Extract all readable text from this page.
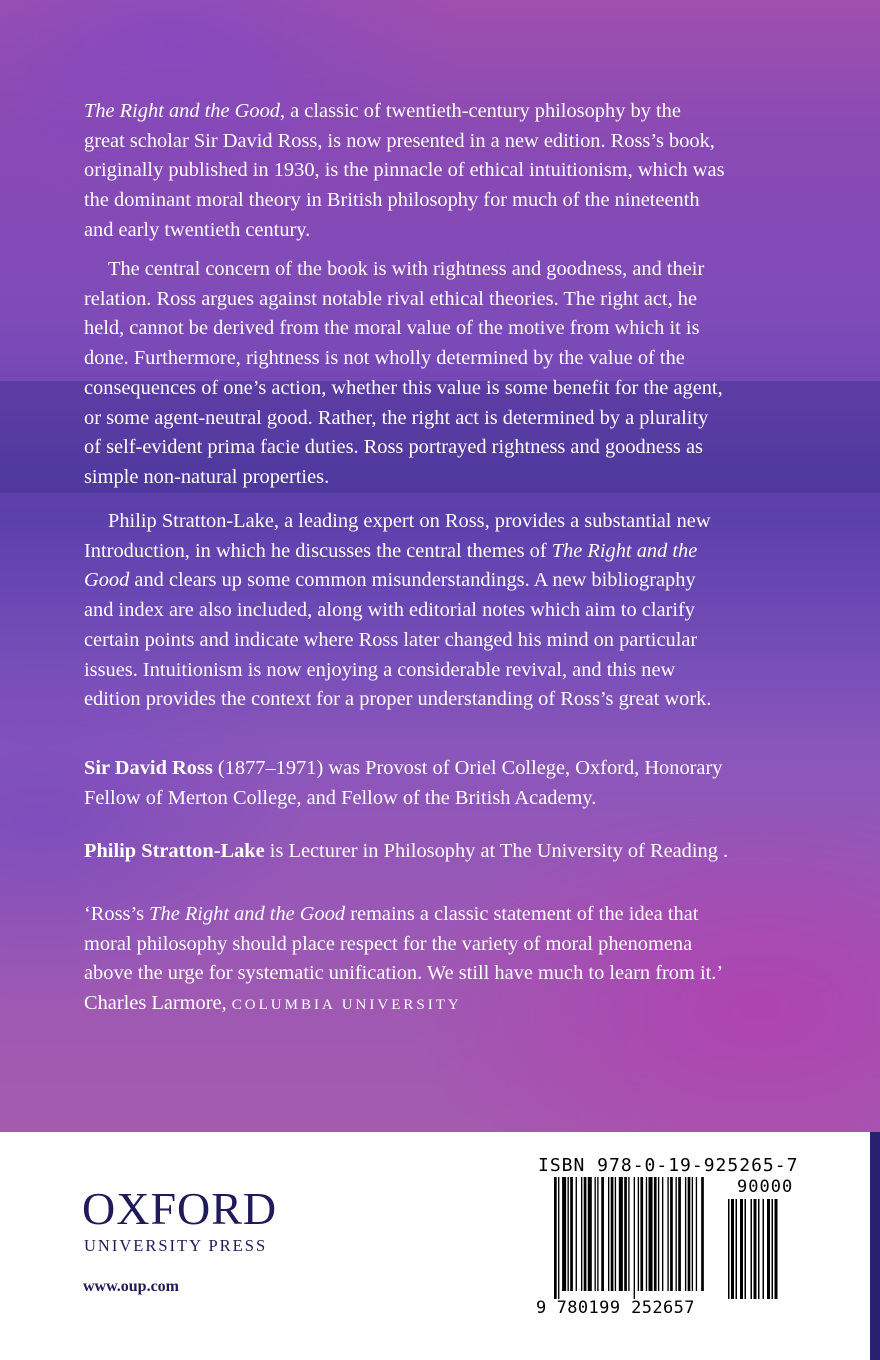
The Right and the Good, a classic of twentieth-century philosophy by the
great scholar Sir David Ross, is now presented in a new edition. Ross’s book,
originally published in 1930, is the pinnacle of ethical intuitionism, which was
the dominant moral theory in British philosophy for much of the nineteenth
and early twentieth century.
The central concern of the book is with rightness and goodness, and their
relation. Ross argues against notable rival ethical theories. The right act, he
held, cannot be derived from the moral value of the motive from which it is
done. Furthermore, rightness is not wholly determined by the value of the
consequences of one’s action, whether this value is some benefit for the agent,
or some agent-neutral good. Rather, the right act is determined by a plurality
of self-evident prima facie duties. Ross portrayed rightness and goodness as
simple non-natural properties.
Philip Stratton-Lake, a leading expert on Ross, provides a substantial new
Introduction, in which he discusses the central themes of The Right and the
Good and clears up some common misunderstandings. A new bibliography
and index are also included, along with editorial notes which aim to clarify
certain points and indicate where Ross later changed his mind on particular
issues. Intuitionism is now enjoying a considerable revival, and this new
edition provides the context for a proper understanding of Ross’s great work.
Sir David Ross (1877–1971) was Provost of Oriel College, Oxford, Honorary
Fellow of Merton College, and Fellow of the British Academy.
Philip Stratton-Lake is Lecturer in Philosophy at The University of Reading .
‘Ross’s The Right and the Good remains a classic statement of the idea that
moral philosophy should place respect for the variety of moral phenomena
above the urge for systematic unification. We still have much to learn from it.’
Charles Larmore, COLUMBIA UNIVERSITY
OXFORD
UNIVERSITY PRESS
www.oup.com
ISBN 978-0-19-925265-7
90000
9 780199 252657
